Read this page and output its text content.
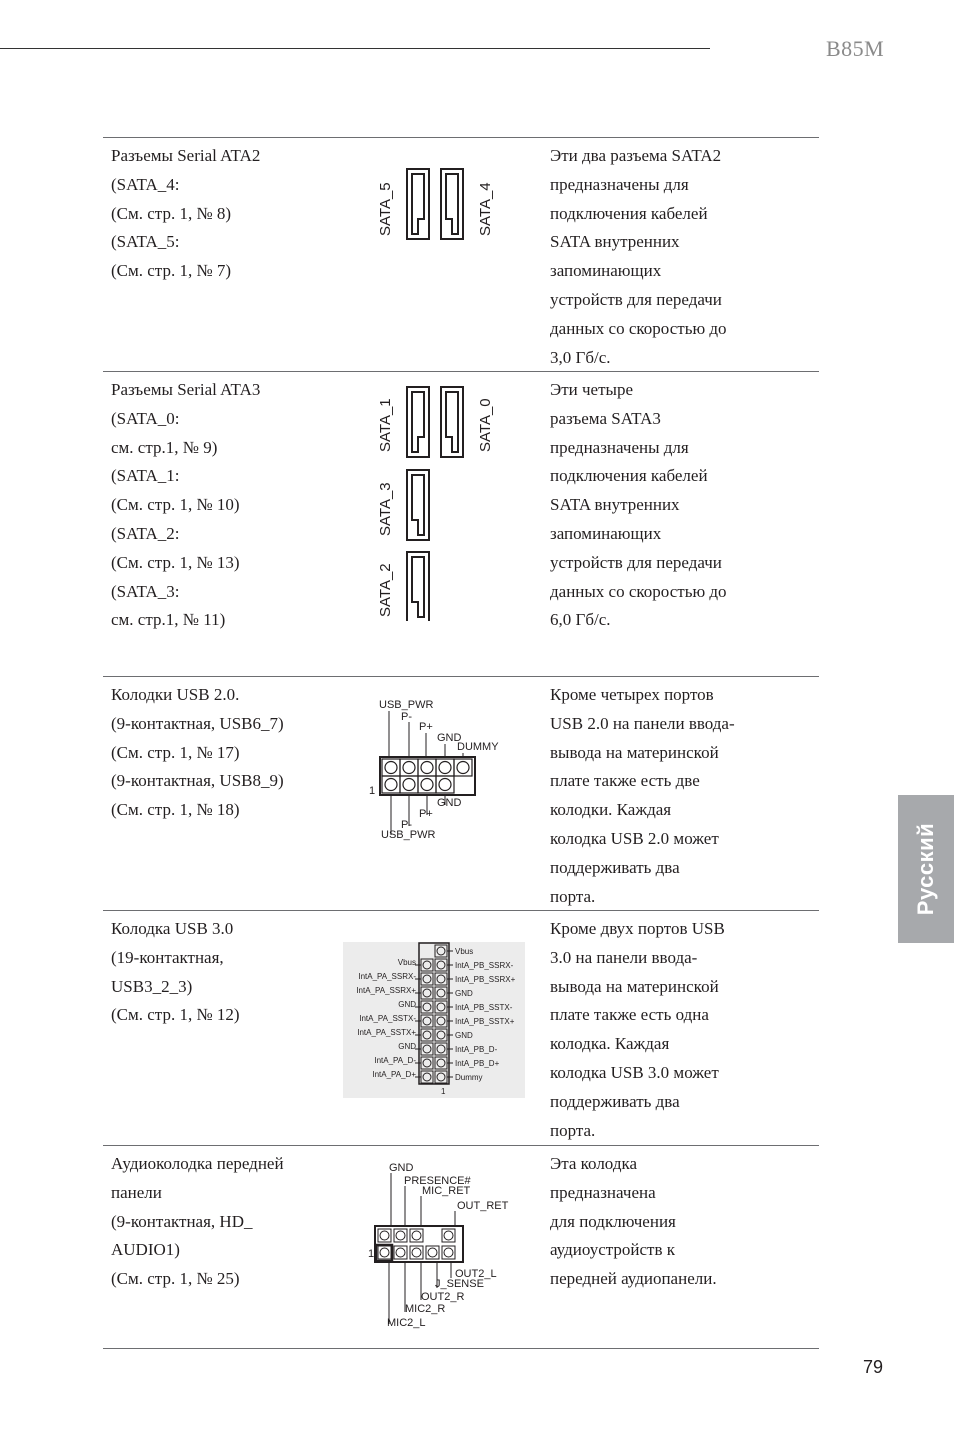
B85M
Русский
Разъемы Serial ATA2
(SATA_4:
(См. стр. 1, № 8)
(SATA_5:
(См. стр. 1, № 7)
Эти два разъема SATA2
предназначены для
подключения кабелей
SATA внутренних
запоминающих
устройств для передачи
данных со скоростью до
3,0 Гб/с.
SATA_5	SATA_4
Разъемы Serial ATA3
(SATA_0:
см. стр.1, № 9)
(SATA_1:
(См. стр. 1, № 10)
(SATA_2:
(См. стр. 1, № 13)
(SATA_3:
см. стр.1, № 11)
Эти четыре
разъема SATA3
предназначены для
подключения кабелей
SATA внутренних
запоминающих
устройств для передачи
данных со скоростью до
6,0 Гб/с.
SATA_1	SATA_0
SATA_3
SATA_2
Колодки USB 2.0.
(9-контактная, USB6_7)
(См. стр. 1, № 17)
(9-контактная, USB8_9)
(См. стр. 1, № 18)
Кроме четырех портов
USB 2.0 на панели ввода-
вывода на материнской
плате также есть две
колодки. Каждая
колодка USB 2.0 может
поддерживать два
порта.
USB_PWR
P-
P+
GND
DUMMY
1
GND
P+
P-
USB_PWR
Колодка USB 3.0
(19-контактная,
USB3_2_3)
(См. стр. 1, № 12)
Кроме двух портов USB
3.0 на панели ввода-
вывода на материнской
плате также есть одна
колодка. Каждая
колодка USB 3.0 может
поддерживать два
порта.
Vbus
IntA_PA_SSRX-
IntA_PA_SSRX+
GND
IntA_PA_SSTX-
IntA_PA_SSTX+
GND
IntA_PA_D-
IntA_PA_D+
Vbus
IntA_PB_SSRX-
IntA_PB_SSRX+
GND
IntA_PB_SSTX-
IntA_PB_SSTX+
GND
IntA_PB_D-
IntA_PB_D+
Dummy
1
Аудиоколодка передней
панели
(9-контактная, HD_
AUDIO1)
(См. стр. 1, № 25)
Эта колодка
предназначена
для подключения
аудиоустройств к
передней аудиопанели.
GND
PRESENCE#
MIC_RET
OUT_RET
1
OUT2_L
J_SENSE
OUT2_R
MIC2_R
MIC2_L
79
